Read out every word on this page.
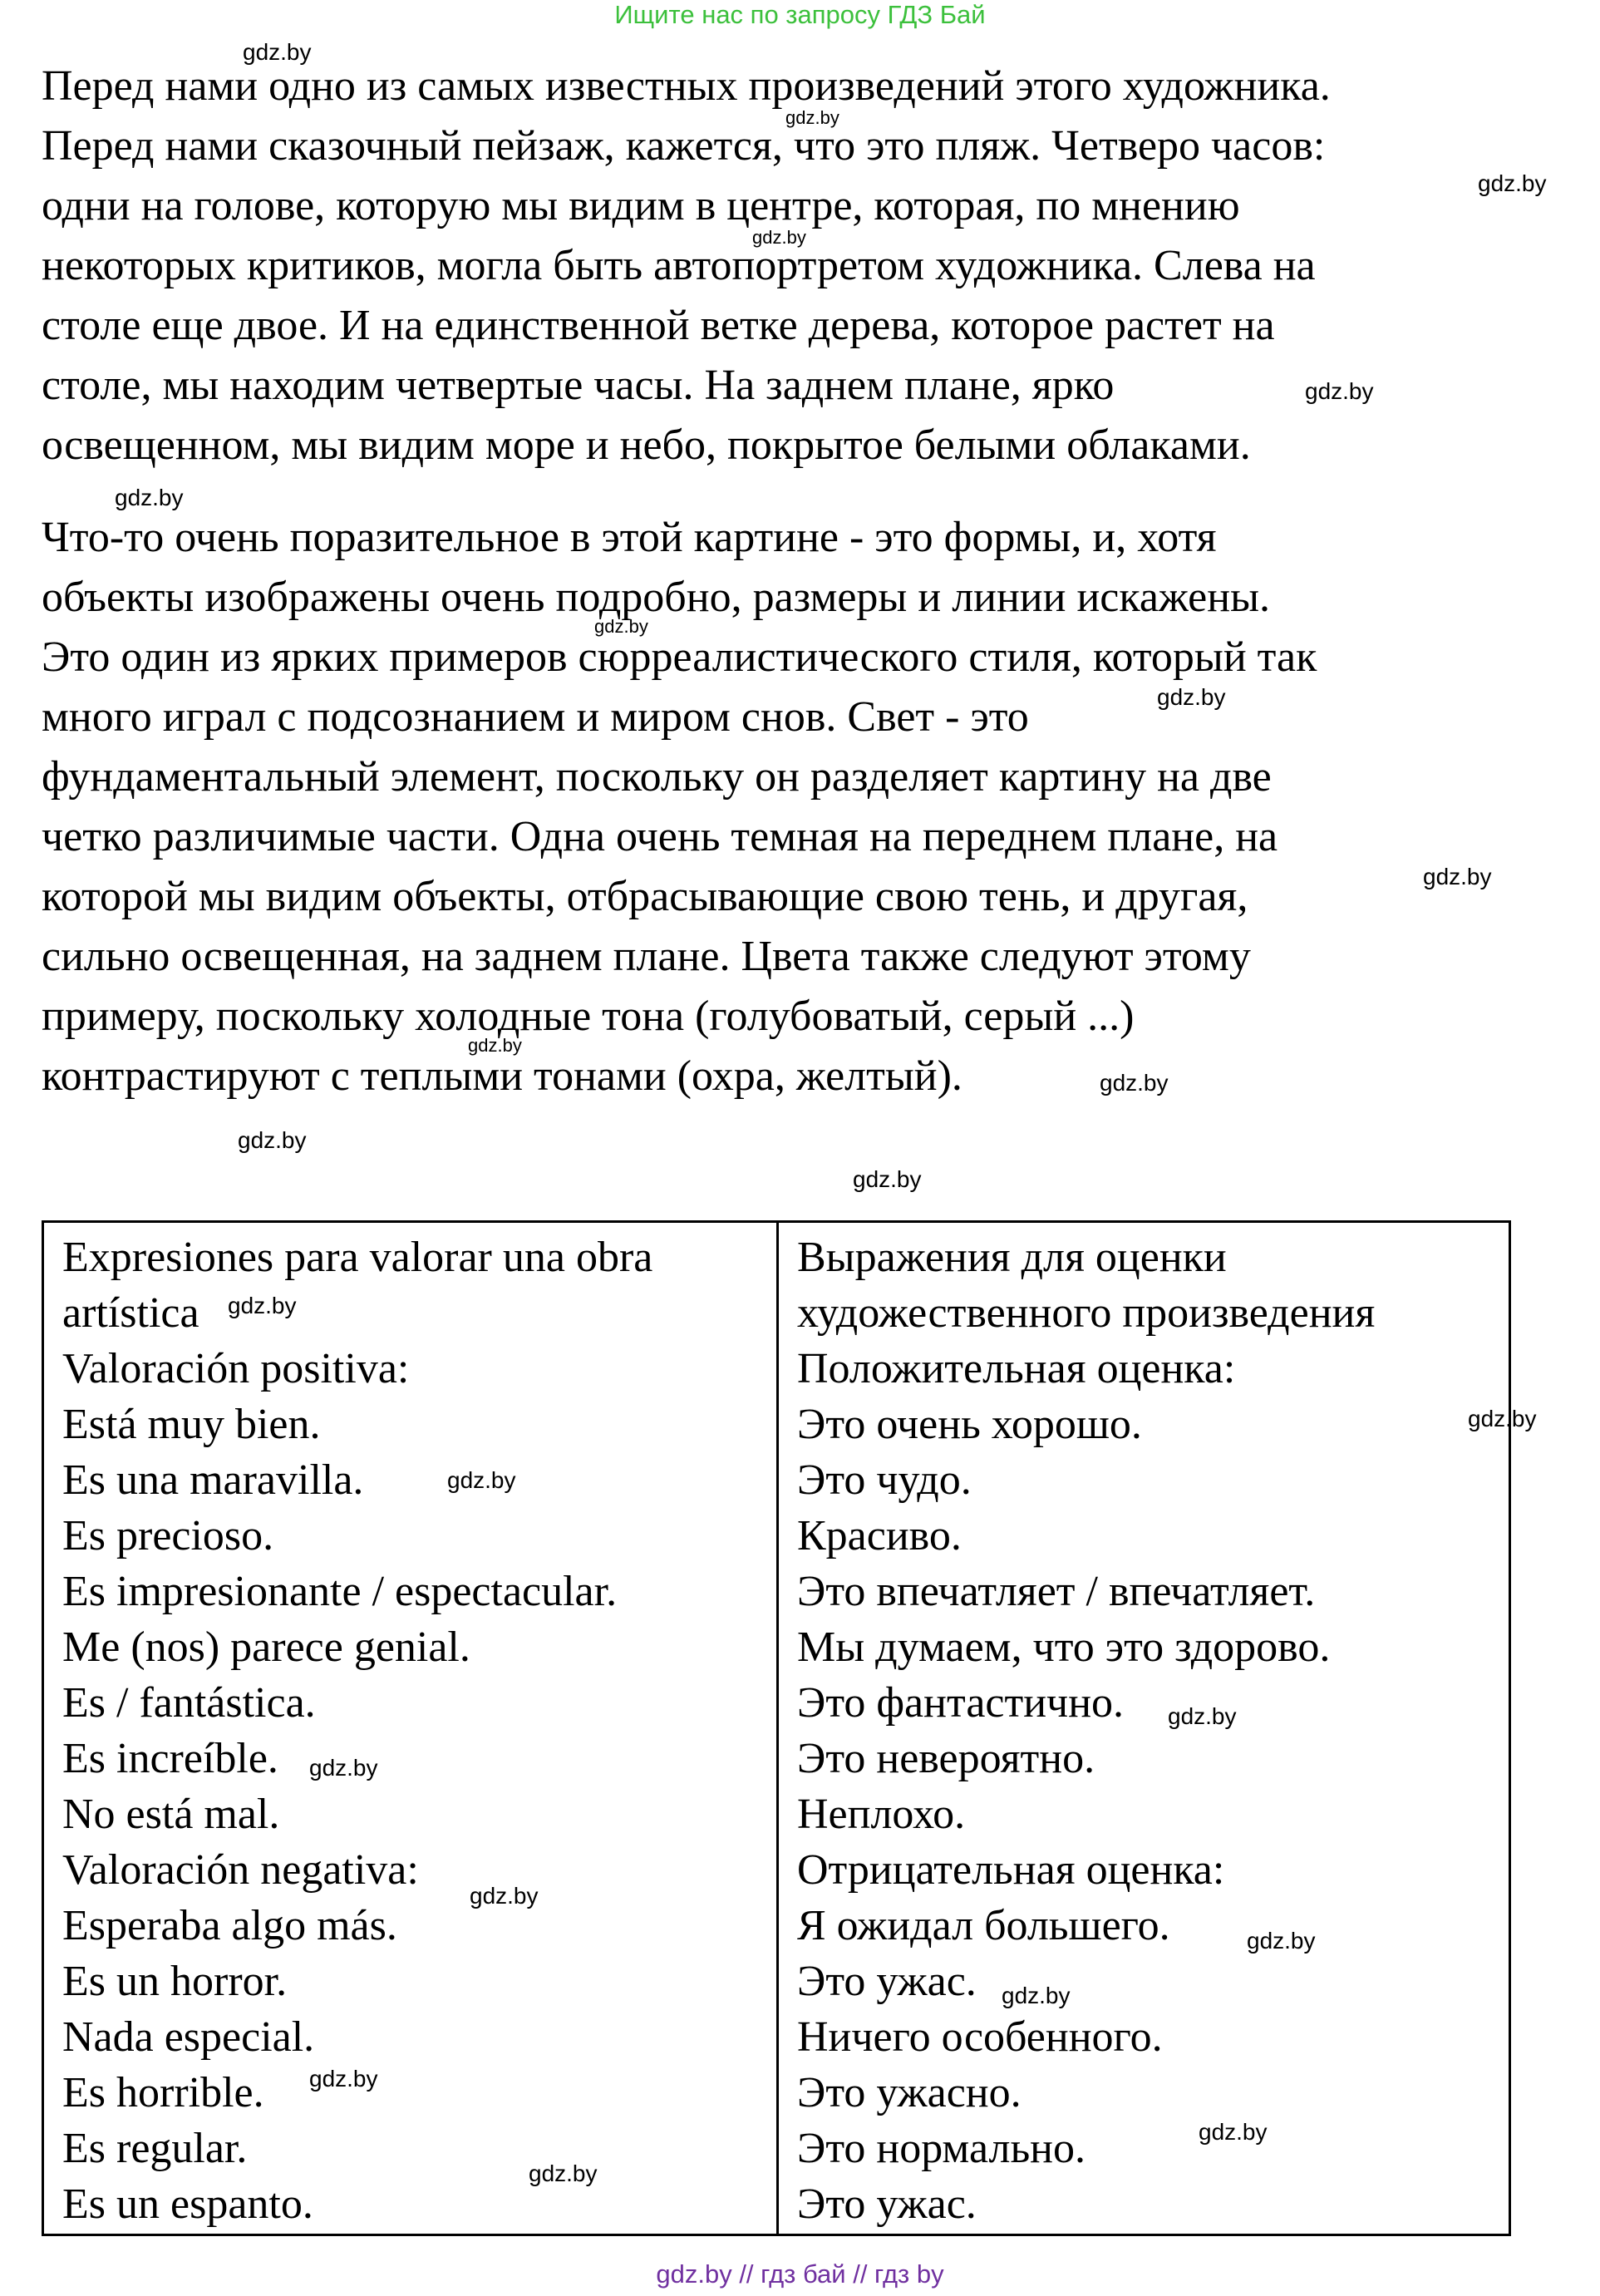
Ищите нас по запросу ГДЗ Бай
Перед нами одно из самых известных произведений этого художника.
Перед нами сказочный пейзаж, кажется, что это пляж. Четверо часов:
одни на голове, которую мы видим в центре, которая, по мнению
некоторых критиков, могла быть автопортретом художника. Слева на
столе еще двое. И на единственной ветке дерева, которое растет на
столе, мы находим четвертые часы. На заднем плане, ярко
освещенном, мы видим море и небо, покрытое белыми облаками.
Что-то очень поразительное в этой картине - это формы, и, хотя
объекты изображены очень подробно, размеры и линии искажены.
Это один из ярких примеров сюрреалистического стиля, который так
много играл с подсознанием и миром снов. Свет - это
фундаментальный элемент, поскольку он разделяет картину на две
четко различимые части. Одна очень темная на переднем плане, на
которой мы видим объекты, отбрасывающие свою тень, и другая,
сильно освещенная, на заднем плане. Цвета также следуют этому
примеру, поскольку холодные тона (голубоватый, серый ...)
контрастируют с теплыми тонами (охра, желтый).
Expresiones para valorar una obra
artística
Valoración positiva:
Está muy bien.
Es una maravilla.
Es precioso.
Es impresionante / espectacular.
Me (nos) parece genial.
Es / fantástica.
Es increíble.
No está mal.
Valoración negativa:
Esperaba algo más.
Es un horror.
Nada especial.
Es horrible.
Es regular.
Es un espanto.
Выражения для оценки
художественного произведения
Положительная оценка:
Это очень хорошо.
Это чудо.
Красиво.
Это впечатляет / впечатляет.
Мы думаем, что это здорово.
Это фантастично.
Это невероятно.
Неплохо.
Отрицательная оценка:
Я ожидал большего.
Это ужас.
Ничего особенного.
Это ужасно.
Это нормально.
Это ужас.
gdz.by
gdz.by
gdz.by
gdz.by
gdz.by
gdz.by
gdz.by
gdz.by
gdz.by
gdz.by
gdz.by
gdz.by
gdz.by
gdz.by
gdz.by
gdz.by
gdz.by
gdz.by
gdz.by
gdz.by
gdz.by
gdz.by
gdz.by
gdz.by
gdz.by // гдз бай // гдз by
